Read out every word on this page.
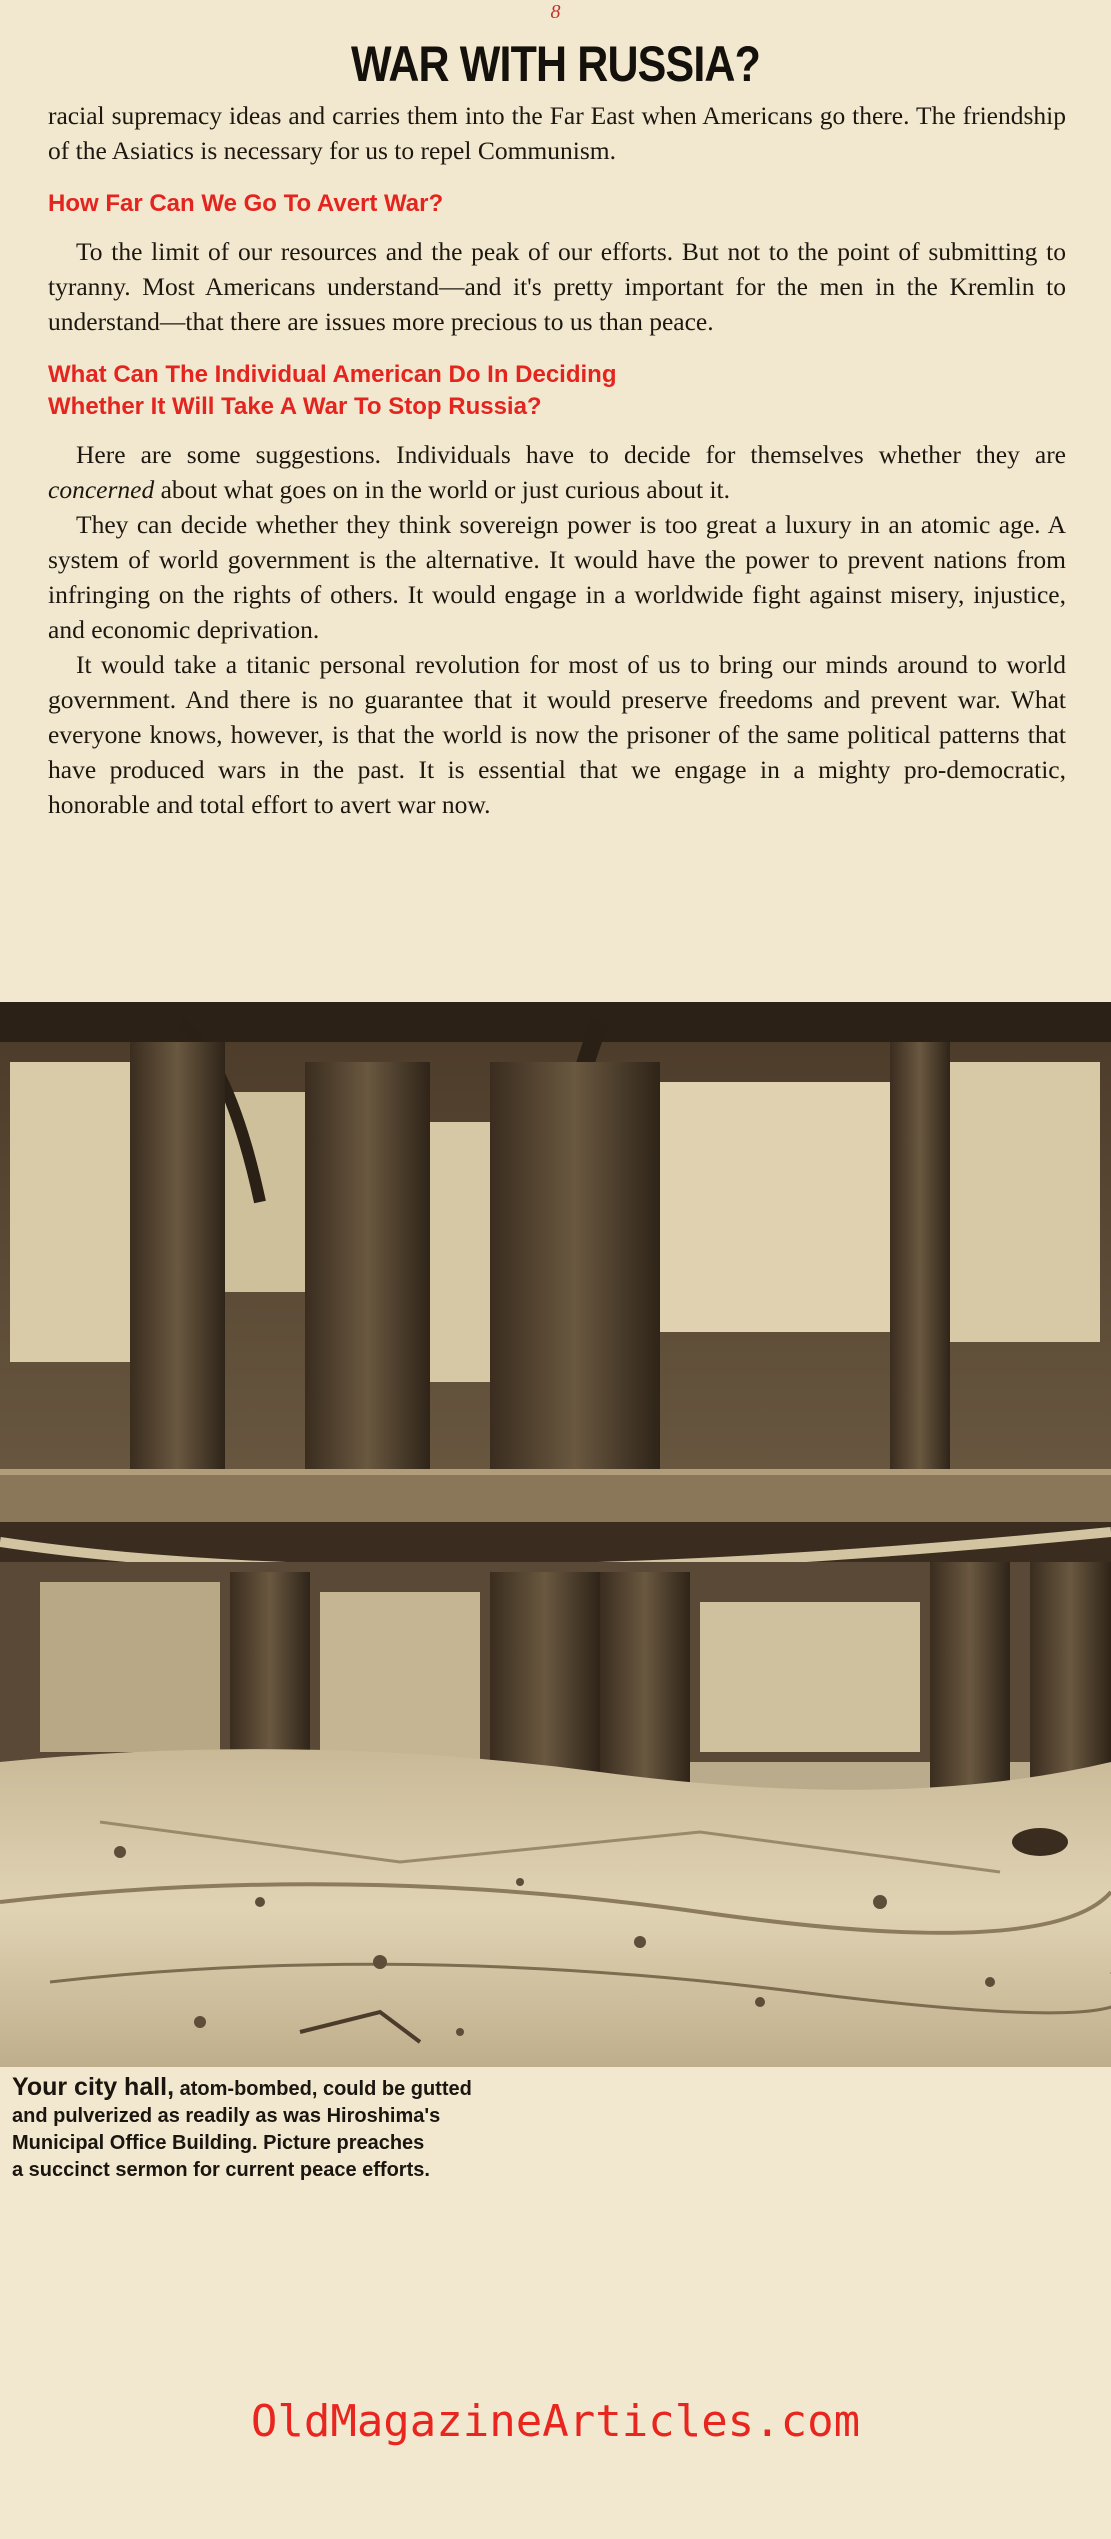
8
WAR WITH RUSSIA?

racial supremacy ideas and carries them into the Far East when Americans go there. The friendship of the Asiatics is necessary for us to repel Communism.

How Far Can We Go To Avert War?

To the limit of our resources and the peak of our efforts. But not to the point of submitting to tyranny. Most Americans understand—and it's pretty important for the men in the Kremlin to understand—that there are issues more precious to us than peace.

What Can The Individual American Do In Deciding
Whether It Will Take A War To Stop Russia?

Here are some suggestions. Individuals have to decide for themselves whether they are concerned about what goes on in the world or just curious about it.

They can decide whether they think sovereign power is too great a luxury in an atomic age. A system of world government is the alternative. It would have the power to prevent nations from infringing on the rights of others. It would engage in a worldwide fight against misery, injustice, and economic deprivation.

It would take a titanic personal revolution for most of us to bring our minds around to world government. And there is no guarantee that it would preserve freedoms and prevent war. What everyone knows, however, is that the world is now the prisoner of the same political patterns that have produced wars in the past. It is essential that we engage in a mighty pro-democratic, honorable and total effort to avert war now.

Your city hall, atom-bombed, could be gutted
and pulverized as readily as was Hiroshima's
Municipal Office Building. Picture preaches
a succinct sermon for current peace efforts.
OldMagazineArticles.com
